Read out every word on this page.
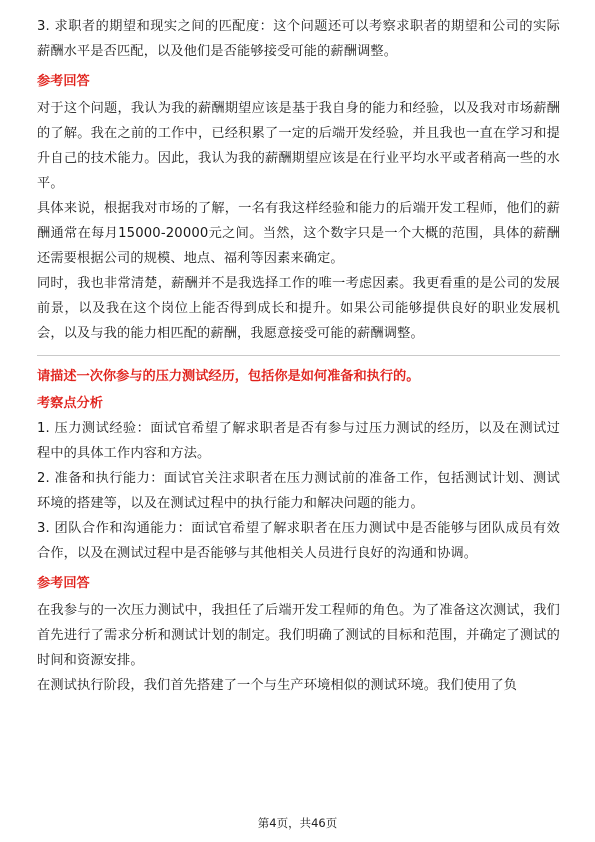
3. 求职者的期望和现实之间的匹配度：这个问题还可以考察求职者的期望和公司的实际薪酬水平是否匹配，以及他们是否能够接受可能的薪酬调整。

参考回答

对于这个问题，我认为我的薪酬期望应该是基于我自身的能力和经验，以及我对市场薪酬的了解。我在之前的工作中，已经积累了一定的后端开发经验，并且我也一直在学习和提升自己的技术能力。因此，我认为我的薪酬期望应该是在行业平均水平或者稍高一些的水平。

具体来说，根据我对市场的了解，一名有我这样经验和能力的后端开发工程师，他们的薪酬通常在每月15000-20000元之间。当然，这个数字只是一个大概的范围，具体的薪酬还需要根据公司的规模、地点、福利等因素来确定。

同时，我也非常清楚，薪酬并不是我选择工作的唯一考虑因素。我更看重的是公司的发展前景，以及我在这个岗位上能否得到成长和提升。如果公司能够提供良好的职业发展机会，以及与我的能力相匹配的薪酬，我愿意接受可能的薪酬调整。

请描述一次你参与的压力测试经历，包括你是如何准备和执行的。

考察点分析

1. 压力测试经验：面试官希望了解求职者是否有参与过压力测试的经历，以及在测试过程中的具体工作内容和方法。

2. 准备和执行能力：面试官关注求职者在压力测试前的准备工作，包括测试计划、测试环境的搭建等，以及在测试过程中的执行能力和解决问题的能力。

3. 团队合作和沟通能力：面试官希望了解求职者在压力测试中是否能够与团队成员有效合作，以及在测试过程中是否能够与其他相关人员进行良好的沟通和协调。

参考回答

在我参与的一次压力测试中，我担任了后端开发工程师的角色。为了准备这次测试，我们首先进行了需求分析和测试计划的制定。我们明确了测试的目标和范围，并确定了测试的时间和资源安排。

在测试执行阶段，我们首先搭建了一个与生产环境相似的测试环境。我们使用了负

第4页，共46页
